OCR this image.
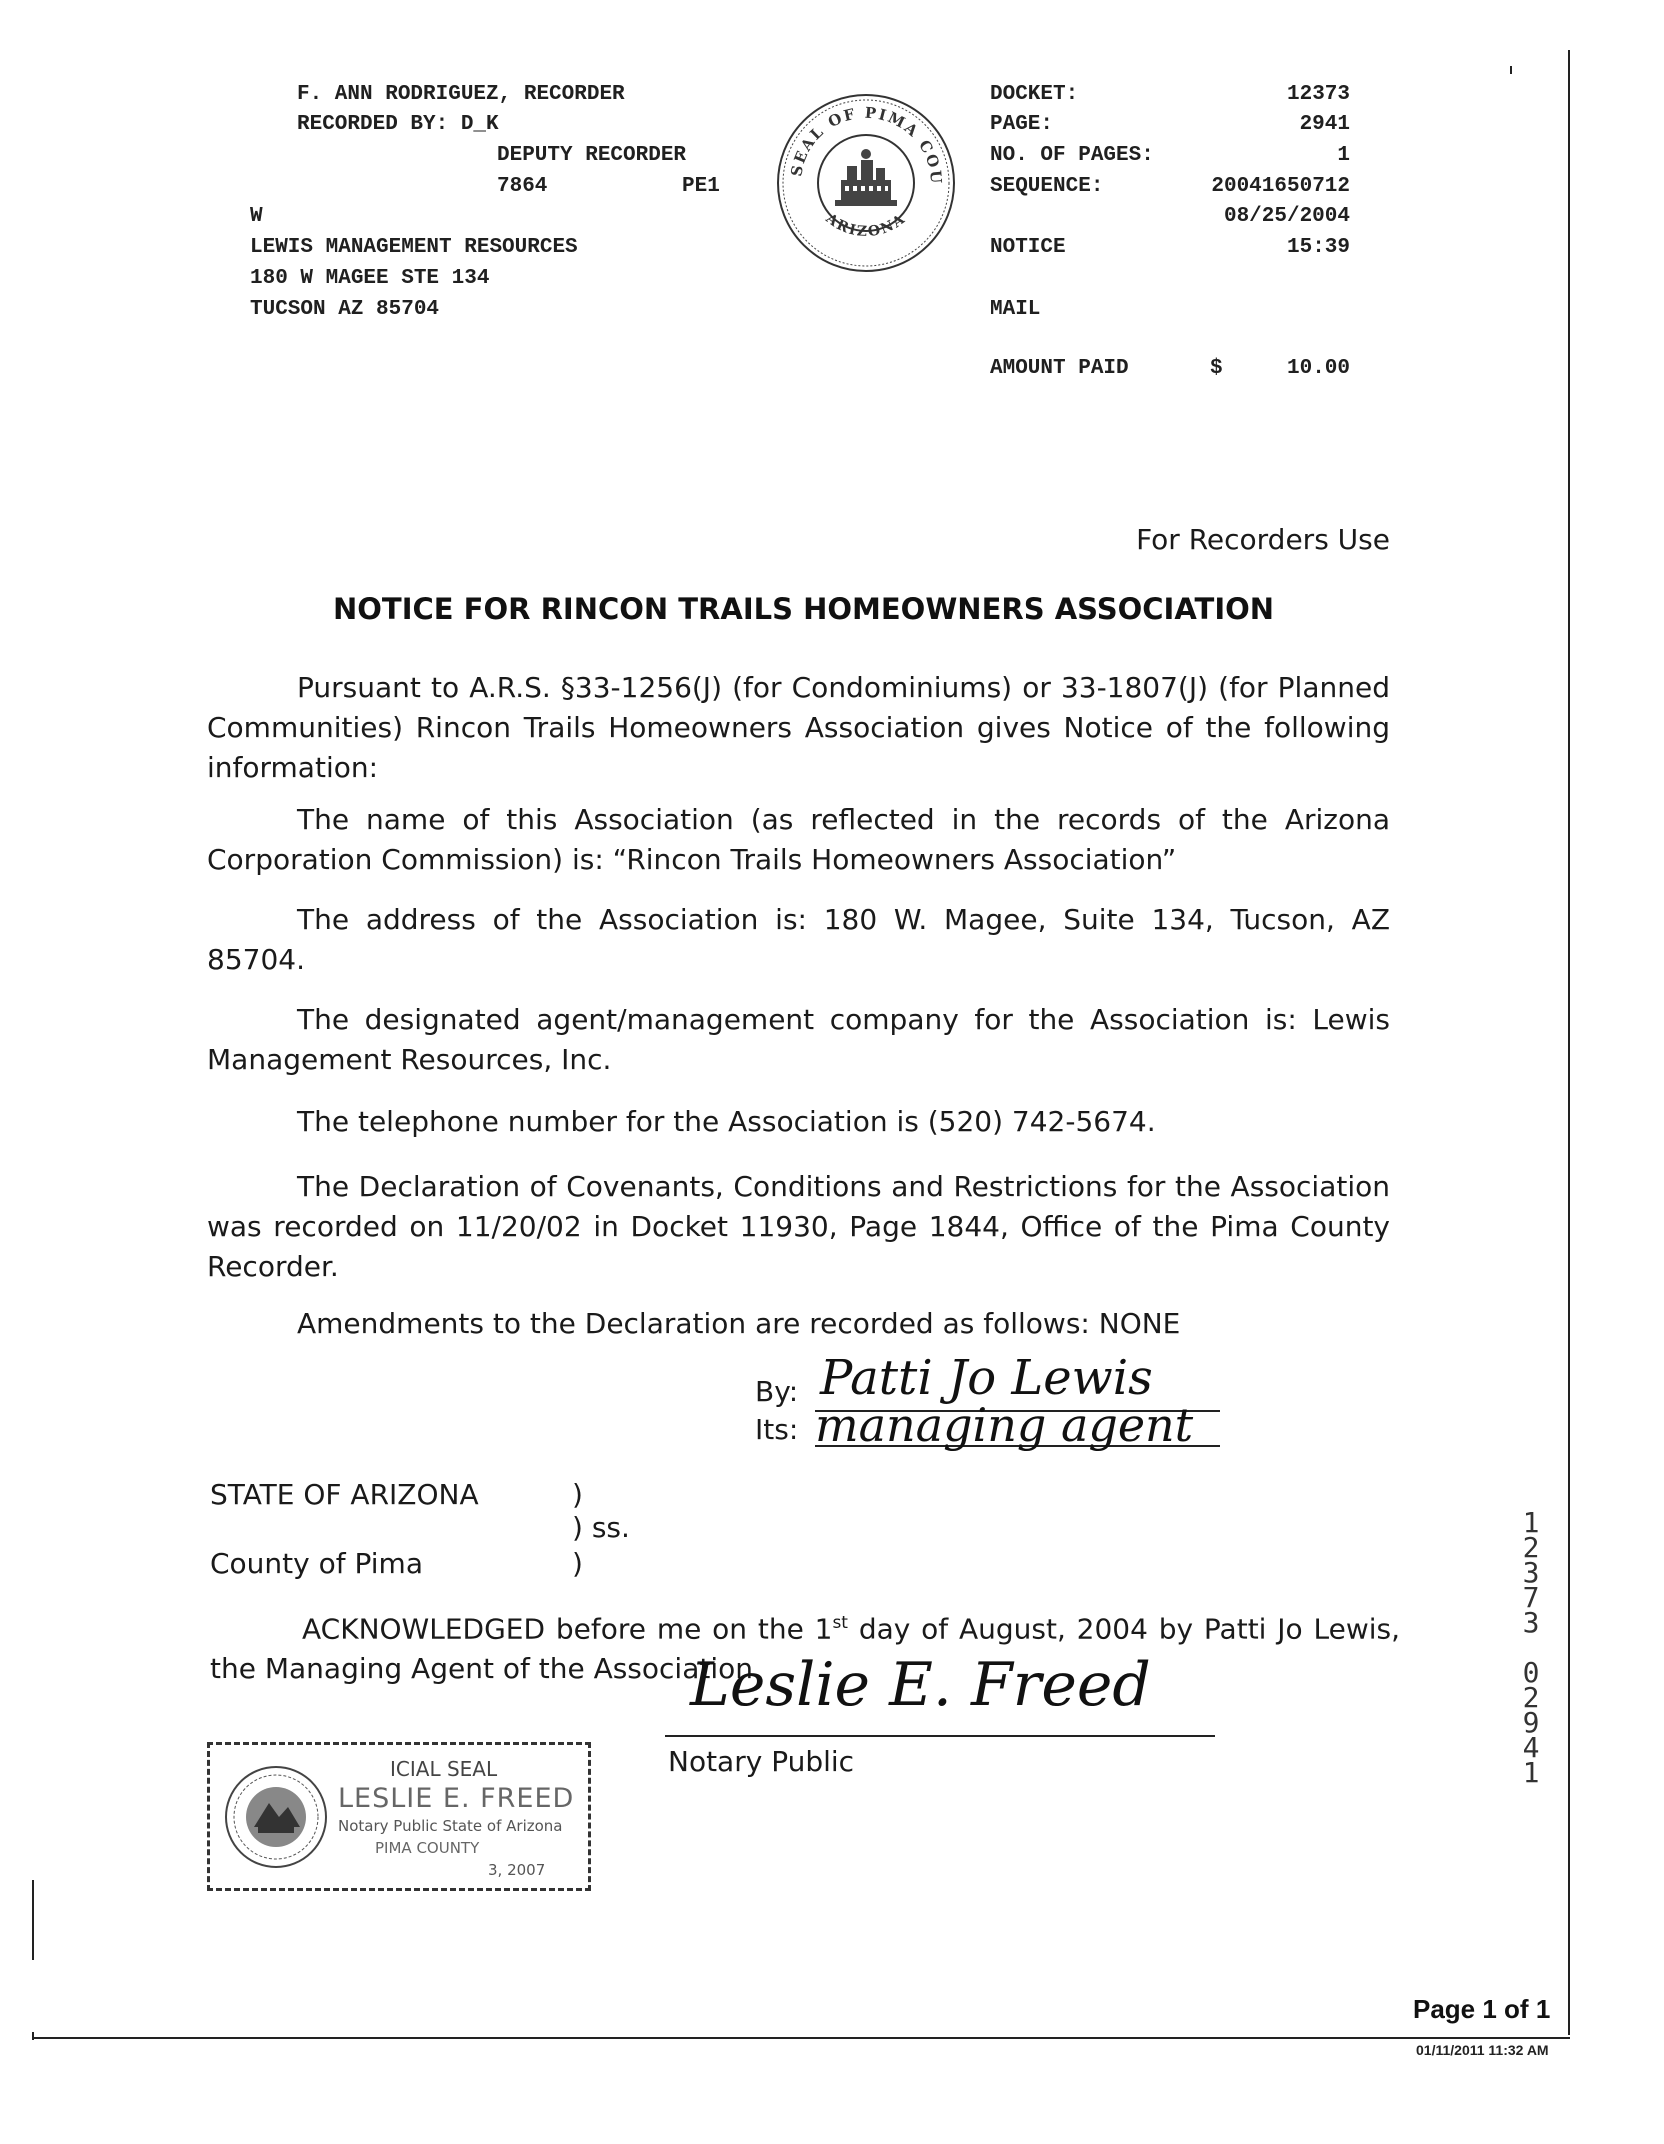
F. ANN RODRIGUEZ, RECORDER
RECORDED BY: D_K
DEPUTY RECORDER
7864	PE1
W
LEWIS MANAGEMENT RESOURCES
180 W MAGEE STE 134
TUCSON AZ 85704
SEAL OF PIMA COU
ARIZONA
DOCKET:	12373
PAGE:	2941
NO. OF PAGES:	1
SEQUENCE:	20041650712
08/25/2004
NOTICE	15:39
MAIL
AMOUNT PAID	$	10.00
For Recorders Use
NOTICE FOR RINCON TRAILS HOMEOWNERS ASSOCIATION
Pursuant to A.R.S. §33-1256(J) (for Condominiums) or 33-1807(J) (for Planned Communities) Rincon Trails Homeowners Association gives Notice of the following information:
The name of this Association (as reflected in the records of the Arizona Corporation Commission) is: “Rincon Trails Homeowners Association”
The address of the Association is: 180 W. Magee, Suite 134, Tucson, AZ 85704.
The designated agent/management company for the Association is: Lewis Management Resources, Inc.
The telephone number for the Association is (520) 742-5674.
The Declaration of Covenants, Conditions and Restrictions for the Association was recorded on 11/20/02 in Docket 11930, Page 1844, Office of the Pima County Recorder.
Amendments to the Declaration are recorded as follows: NONE
By:
Its:
Patti Jo Lewis
managing agent
STATE OF ARIZONA	)
) ss.
County of Pima	)
ACKNOWLEDGED before me on the 1st day of August, 2004 by Patti Jo Lewis, the Managing Agent of the Association.
Leslie E. Freed
Notary Public
ICIAL SEAL
LESLIE E. FREED
Notary Public State of Arizona
PIMA COUNTY
3, 2007
1
2
3
7
3

0
2
9
4
1
Page 1 of 1
01/11/2011 11:32 AM
